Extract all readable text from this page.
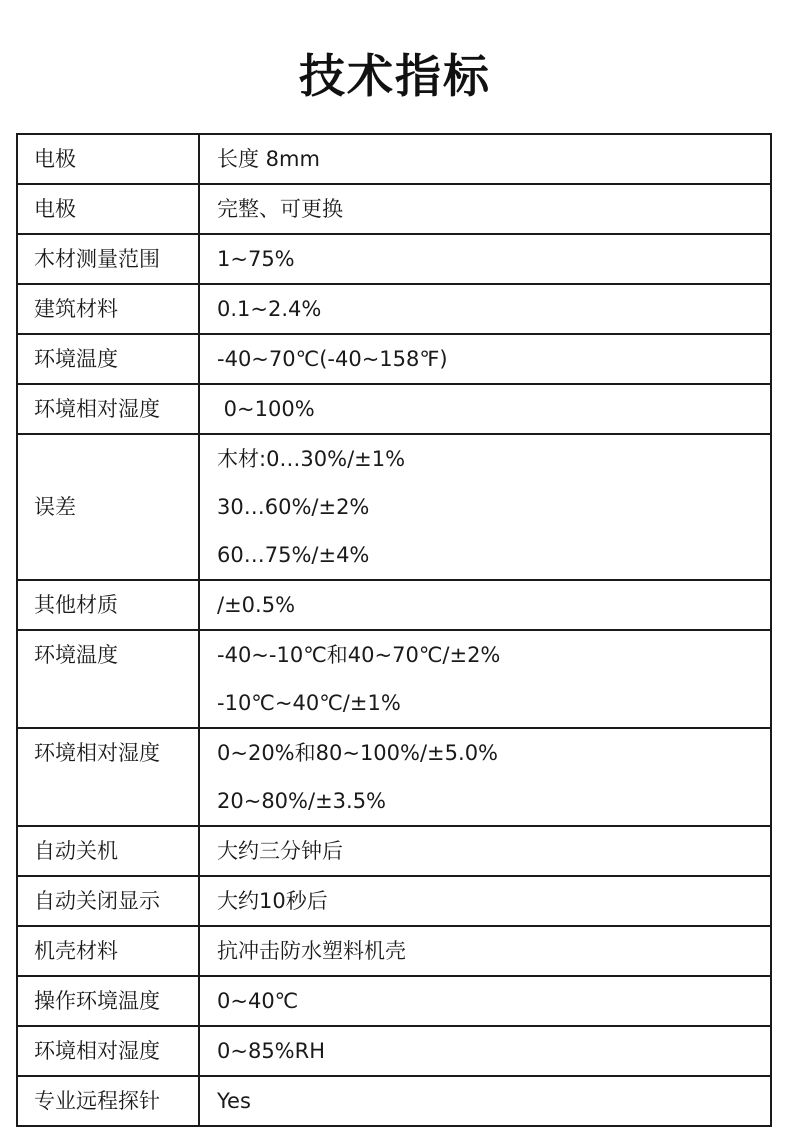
技术指标
电极	长度 8mm

电极	完整、可更换

木材测量范围	1~75%

建筑材料	0.1~2.4%

环境温度	-40~70℃(-40~158℉)

环境相对湿度	0~100%

误差	木材:0…30%/±1%
30…60%/±2%
60…75%/±4%

其他材质	/±0.5%

环境温度	-40~-10℃和40~70℃/±2%
-10℃~40℃/±1%

环境相对湿度	0~20%和80~100%/±5.0%
20~80%/±3.5%

自动关机	大约三分钟后

自动关闭显示	大约10秒后

机壳材料	抗冲击防水塑料机壳

操作环境温度	0~40℃

环境相对湿度	0~85%RH

专业远程探针	Yes
